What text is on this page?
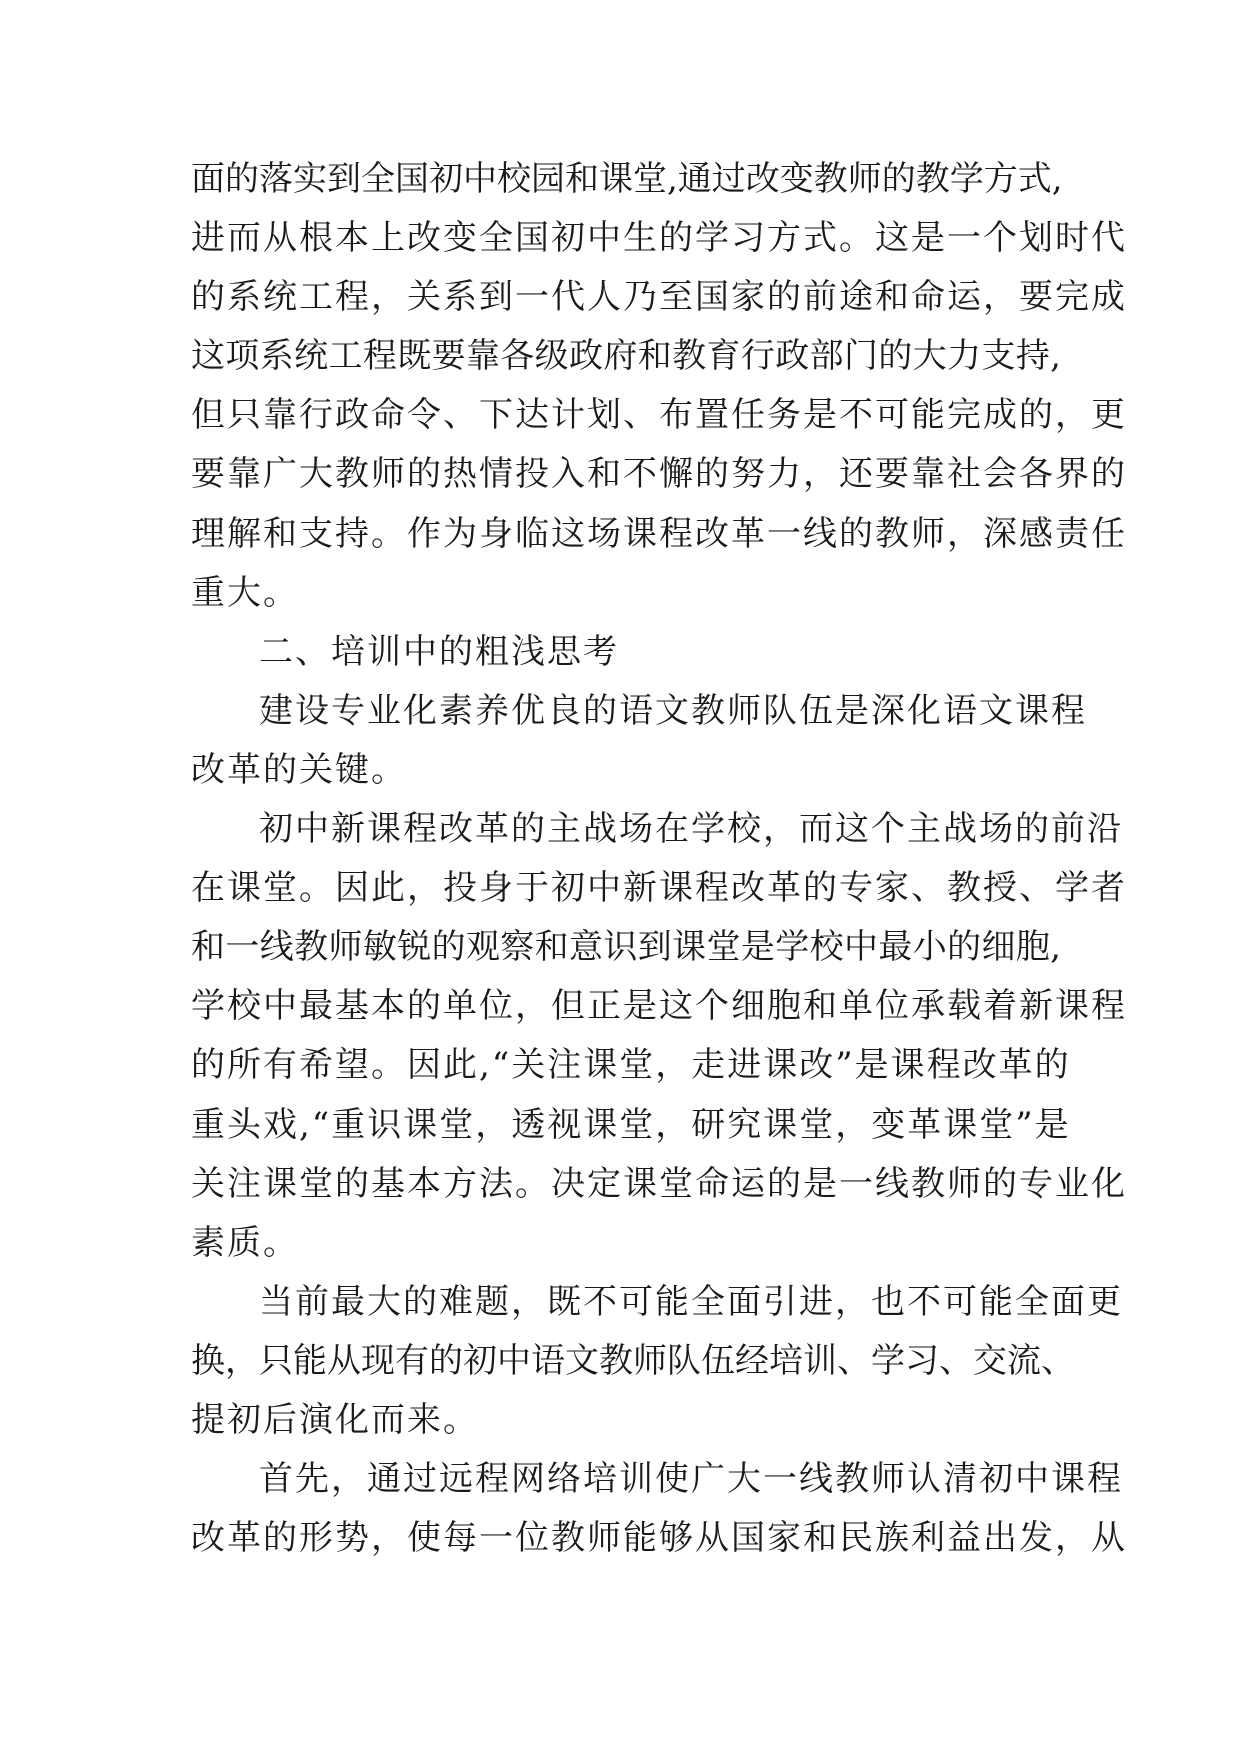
面的落实到全国初中校园和课堂,通过改变教师的教学方式,
进而从根本上改变全国初中生的学习方式。这是一个划时代
的系统工程，关系到一代人乃至国家的前途和命运，要完成
这项系统工程既要靠各级政府和教育行政部门的大力支持,
但只靠行政命令、下达计划、布置任务是不可能完成的，更
要靠广大教师的热情投入和不懈的努力，还要靠社会各界的
理解和支持。作为身临这场课程改革一线的教师，深感责任
重大。
二、培训中的粗浅思考
建设专业化素养优良的语文教师队伍是深化语文课程
改革的关键。
初中新课程改革的主战场在学校，而这个主战场的前沿
在课堂。因此，投身于初中新课程改革的专家、教授、学者
和一线教师敏锐的观察和意识到课堂是学校中最小的细胞,
学校中最基本的单位，但正是这个细胞和单位承载着新课程
的所有希望。因此,“关注课堂，走进课改”是课程改革的
重头戏,“重识课堂，透视课堂，研究课堂，变革课堂”是
关注课堂的基本方法。决定课堂命运的是一线教师的专业化
素质。
当前最大的难题，既不可能全面引进，也不可能全面更
换，只能从现有的初中语文教师队伍经培训、学习、交流、
提初后演化而来。
首先，通过远程网络培训使广大一线教师认清初中课程
改革的形势，使每一位教师能够从国家和民族利益出发，从
